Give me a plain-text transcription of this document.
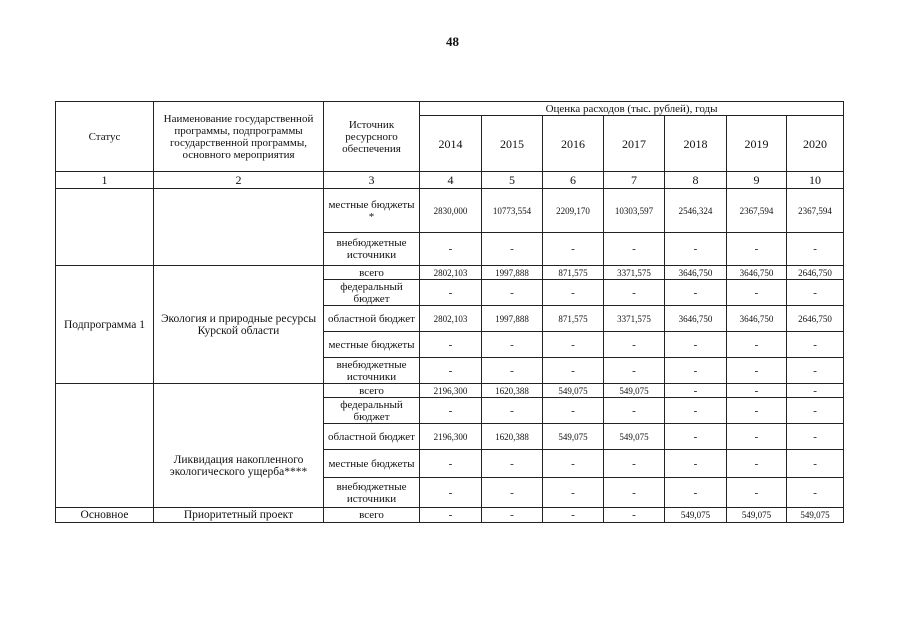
48
Статус	Наименование государственной программы, подпрограммы государственной программы, основного мероприятия	Источник ресурсного обеспечения	Оценка расходов (тыс. рублей), годы						
			2014	2015	2016	2017	2018	2019	2020
1	2	3	4	5	6	7	8	9	10
		местные бюджеты *	2830,000	10773,554	2209,170	10303,597	2546,324	2367,594	2367,594
		внебюджетные источники	-	-	-	-	-	-	-
Подпрограмма 1	Экология и природные ресурсы Курской области	всего	2802,103	1997,888	871,575	3371,575	3646,750	3646,750	2646,750
		федеральный бюджет	-	-	-	-	-	-	-
		областной бюджет	2802,103	1997,888	871,575	3371,575	3646,750	3646,750	2646,750
		местные бюджеты	-	-	-	-	-	-	-
		внебюджетные источники	-	-	-	-	-	-	-
	Ликвидация накопленного экологического ущерба****	всего	2196,300	1620,388	549,075	549,075	-	-	-
		федеральный бюджет	-	-	-	-	-	-	-
		областной бюджет	2196,300	1620,388	549,075	549,075	-	-	-
		местные бюджеты	-	-	-	-	-	-	-
		внебюджетные источники	-	-	-	-	-	-	-
Основное	Приоритетный проект	всего	-	-	-	-	549,075	549,075	549,075
